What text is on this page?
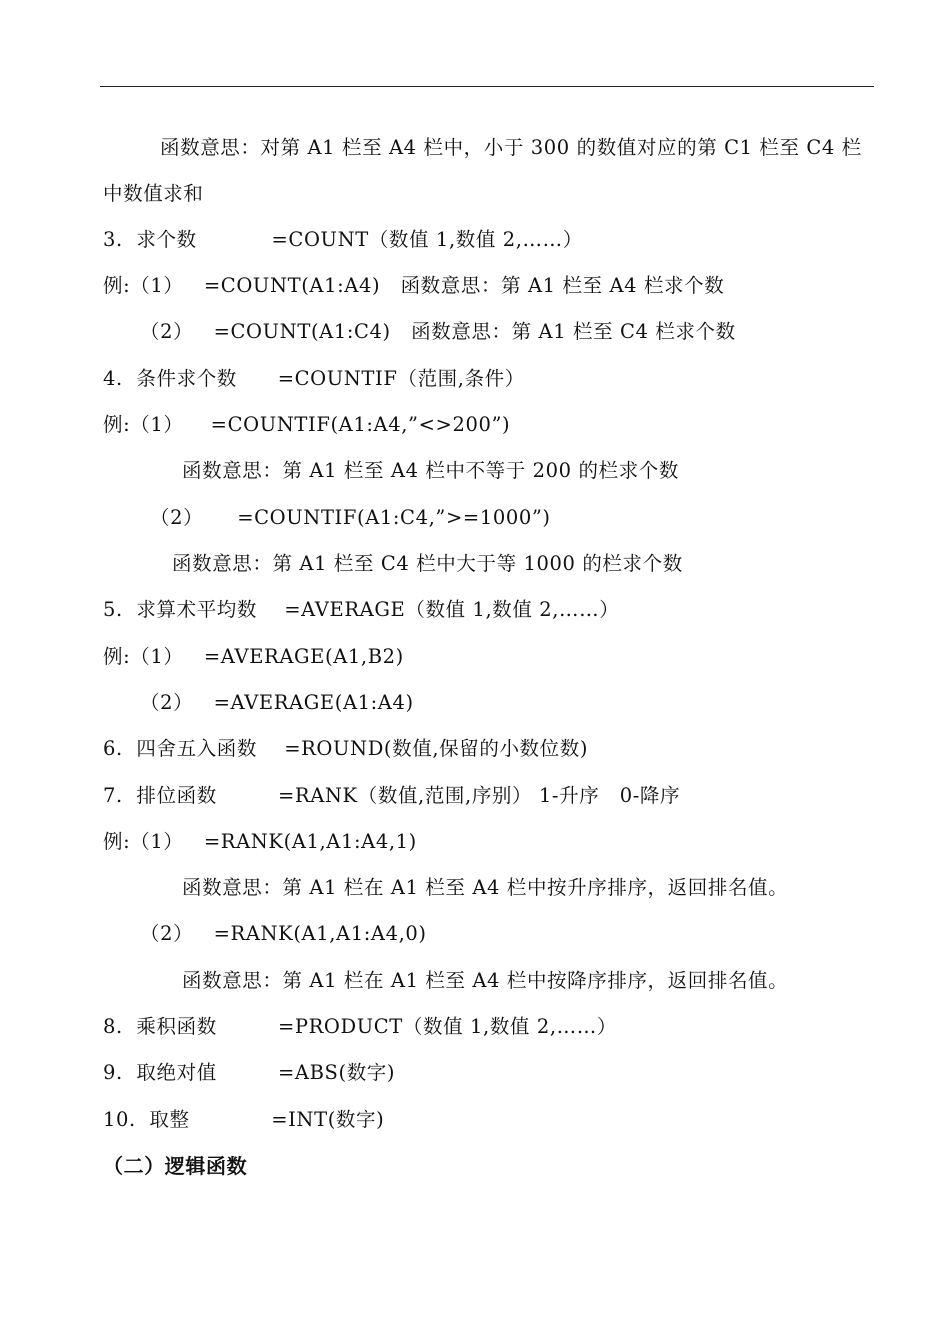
函数意思：对第 A1 栏至 A4 栏中，小于 300 的数值对应的第 C1 栏至 C4 栏
中数值求和
3.  求个数           =COUNT（数值 1,数值 2,……）
例:（1）   =COUNT(A1:A4)   函数意思：第 A1 栏至 A4 栏求个数
（2）   =COUNT(A1:C4)   函数意思：第 A1 栏至 C4 栏求个数
4.  条件求个数      =COUNTIF（范围,条件）
例:（1）    =COUNTIF(A1:A4,”<>200”)
函数意思：第 A1 栏至 A4 栏中不等于 200 的栏求个数
（2）     =COUNTIF(A1:C4,”>=1000”)
函数意思：第 A1 栏至 C4 栏中大于等 1000 的栏求个数
5.  求算术平均数    =AVERAGE（数值 1,数值 2,……）
例:（1）   =AVERAGE(A1,B2)
（2）   =AVERAGE(A1:A4)
6.  四舍五入函数    =ROUND(数值,保留的小数位数)
7.  排位函数         =RANK（数值,范围,序别） 1-升序   0-降序
例:（1）   =RANK(A1,A1:A4,1)
函数意思：第 A1 栏在 A1 栏至 A4 栏中按升序排序，返回排名值。
（2）   =RANK(A1,A1:A4,0)
函数意思：第 A1 栏在 A1 栏至 A4 栏中按降序排序，返回排名值。
8.  乘积函数         =PRODUCT（数值 1,数值 2,……）
9.  取绝对值         =ABS(数字)
10.  取整            =INT(数字)
（二）逻辑函数
